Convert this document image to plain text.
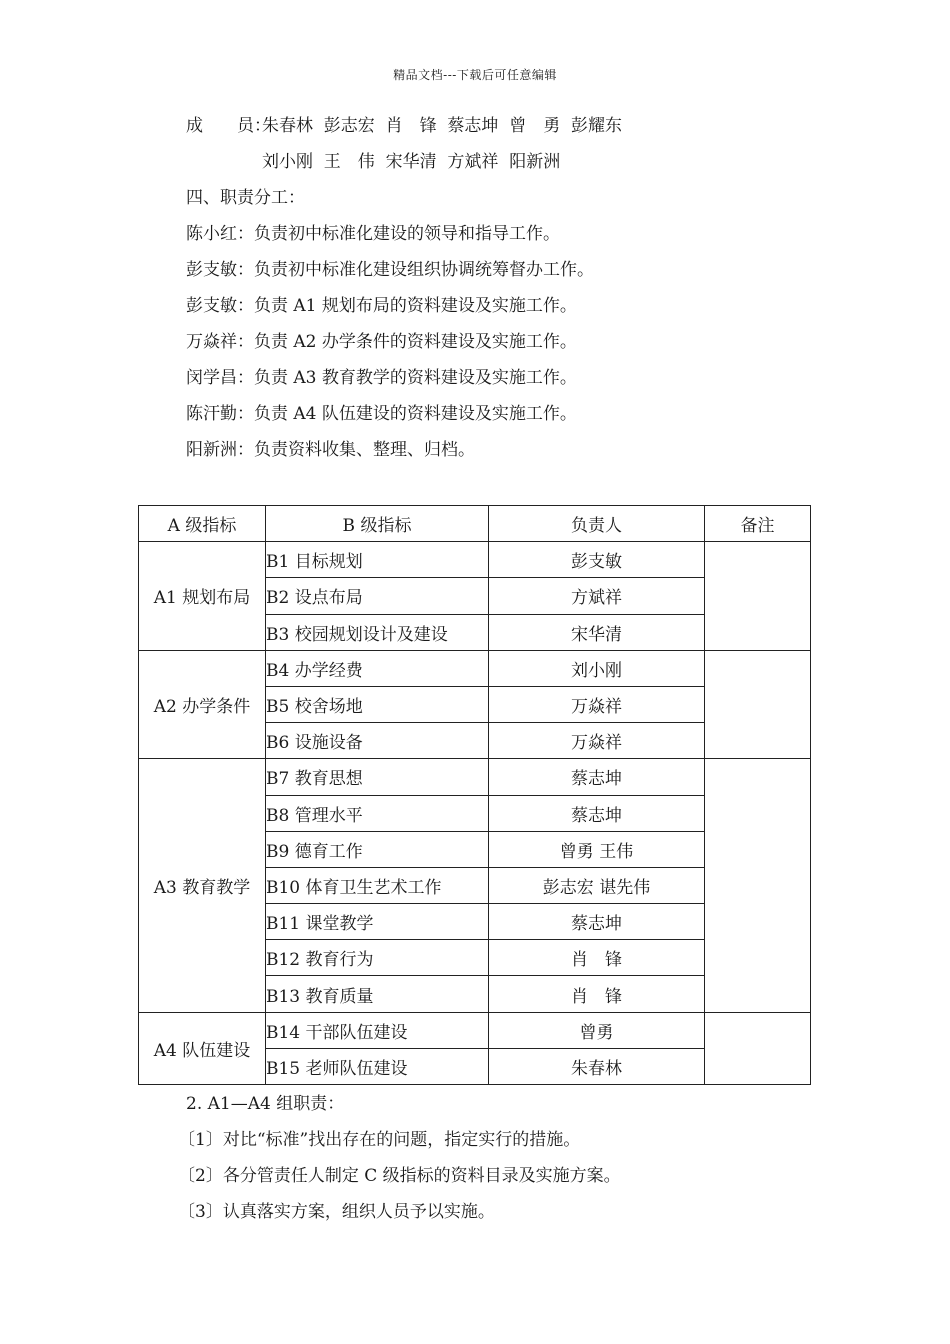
精品文档---下载后可任意编辑
成　　员：
朱春林  彭志宏  肖　锋  蔡志坤  曾　勇  彭耀东
刘小刚  王　伟  宋华清  方斌祥  阳新洲
四、职责分工：
陈小红：负责初中标准化建设的领导和指导工作。
彭支敏：负责初中标准化建设组织协调统筹督办工作。
彭支敏：负责 A1 规划布局的资料建设及实施工作。
万焱祥：负责 A2 办学条件的资料建设及实施工作。
闵学昌：负责 A3 教育教学的资料建设及实施工作。
陈汗勤：负责 A4 队伍建设的资料建设及实施工作。
阳新洲：负责资料收集、整理、归档。
A 级指标	B 级指标	负责人	备注
A1 规划布局	B1 目标规划	彭支敏	
	B2 设点布局	方斌祥	
	B3 校园规划设计及建设	宋华清	
A2 办学条件	B4 办学经费	刘小刚	
	B5 校舍场地	万焱祥	
	B6 设施设备	万焱祥	
A3 教育教学	B7 教育思想	蔡志坤	
	B8 管理水平	蔡志坤	
	B9 德育工作	曾勇 王伟	
	B10 体育卫生艺术工作	彭志宏 谌先伟	
	B11 课堂教学	蔡志坤	
	B12 教育行为	肖　锋	
	B13 教育质量	肖　锋	
A4 队伍建设	B14 干部队伍建设	曾勇	
	B15 老师队伍建设	朱春林	
2. A1—A4 组职责：
〔1〕对比“标准”找出存在的问题，指定实行的措施。
〔2〕各分管责任人制定 C 级指标的资料目录及实施方案。
〔3〕认真落实方案，组织人员予以实施。
